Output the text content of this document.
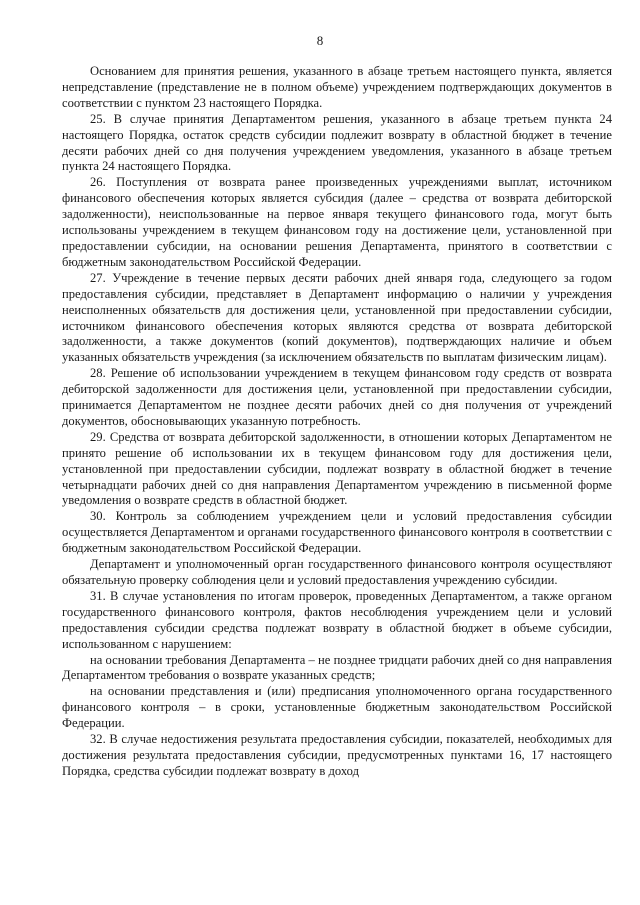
8

Основанием для принятия решения, указанного в абзаце третьем настоящего пункта, является непредставление (представление не в полном объеме) учреждением подтверждающих документов в соответствии с пунктом 23 настоящего Порядка.

25. В случае принятия Департаментом решения, указанного в абзаце третьем пункта 24 настоящего Порядка, остаток средств субсидии подлежит возврату в областной бюджет в течение десяти рабочих дней со дня получения учреждением уведомления, указанного в абзаце третьем пункта 24 настоящего Порядка.

26. Поступления от возврата ранее произведенных учреждениями выплат, источником финансового обеспечения которых является субсидия (далее – средства от возврата дебиторской задолженности), неиспользованные на первое января текущего финансового года, могут быть использованы учреждением в текущем финансовом году на достижение цели, установленной при предоставлении субсидии, на основании решения Департамента, принятого в соответствии с бюджетным законодательством Российской Федерации.

27. Учреждение в течение первых десяти рабочих дней января года, следующего за годом предоставления субсидии, представляет в Департамент информацию о наличии у учреждения неисполненных обязательств для достижения цели, установленной при предоставлении субсидии, источником финансового обеспечения которых являются средства от возврата дебиторской задолженности, а также документов (копий документов), подтверждающих наличие и объем указанных обязательств учреждения (за исключением обязательств по выплатам физическим лицам).

28. Решение об использовании учреждением в текущем финансовом году средств от возврата дебиторской задолженности для достижения цели, установленной при предоставлении субсидии, принимается Департаментом не позднее десяти рабочих дней со дня получения от учреждений документов, обосновывающих указанную потребность.

29. Средства от возврата дебиторской задолженности, в отношении которых Департаментом не принято решение об использовании их в текущем финансовом году для достижения цели, установленной при предоставлении субсидии, подлежат возврату в областной бюджет в течение четырнадцати рабочих дней со дня направления Департаментом учреждению в письменной форме уведомления о возврате средств в областной бюджет.

30. Контроль за соблюдением учреждением цели и условий предоставления субсидии осуществляется Департаментом и органами государственного финансового контроля в соответствии с бюджетным законодательством Российской Федерации.

Департамент и уполномоченный орган государственного финансового контроля осуществляют обязательную проверку соблюдения цели и условий предоставления учреждению субсидии.

31. В случае установления по итогам проверок, проведенных Департаментом, а также органом государственного финансового контроля, фактов несоблюдения учреждением цели и условий предоставления субсидии средства подлежат возврату в областной бюджет в объеме субсидии, использованном с нарушением:

на основании требования Департамента – не позднее тридцати рабочих дней со дня направления Департаментом требования о возврате указанных средств;

на основании представления и (или) предписания уполномоченного органа государственного финансового контроля – в сроки, установленные бюджетным законодательством Российской Федерации.

32. В случае недостижения результата предоставления субсидии, показателей, необходимых для достижения результата предоставления субсидии, предусмотренных пунктами 16, 17 настоящего Порядка, средства субсидии подлежат возврату в доход
